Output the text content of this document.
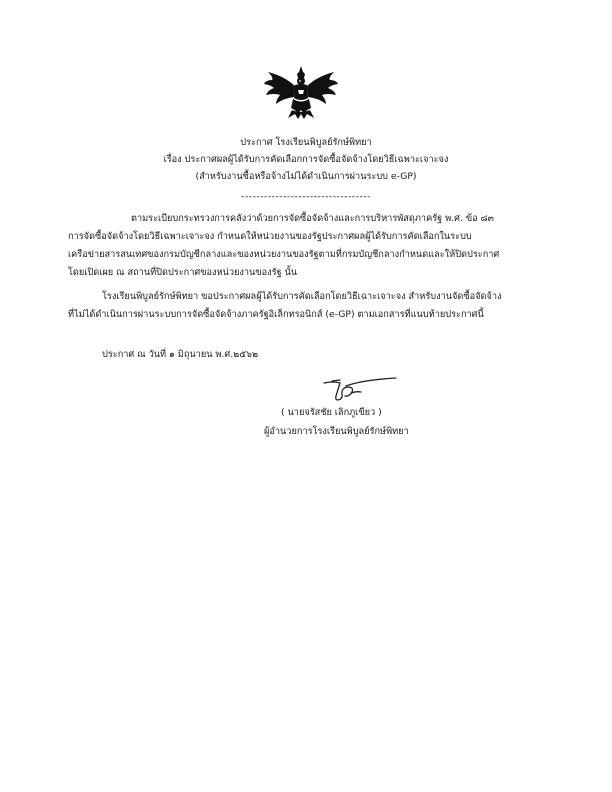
ประกาศ โรงเรียนพิบูลย์รักษ์พิทยา
เรื่อง ประกาศผลผู้ได้รับการคัดเลือกการจัดซื้อจัดจ้างโดยวิธีเฉพาะเจาะจง
(สำหรับงานซื้อหรือจ้างไม่ได้ดำเนินการผ่านระบบ e-GP)
----------------------------------
ตามระเบียบกระทรวงการคลังว่าด้วยการจัดซื้อจัดจ้างและการบริหารพัสดุภาครัฐ พ.ศ. ข้อ ๘๓
การจัดซื้อจัดจ้างโดยวิธีเฉพาะเจาะจง กำหนดให้หน่วยงานของรัฐประกาศผลผู้ได้รับการคัดเลือกในระบบ
เครือข่ายสารสนเทศของกรมบัญชีกลางและของหน่วยงานของรัฐตามที่กรมบัญชีกลางกำหนดและให้ปิดประกาศ
โดยเปิดเผย ณ สถานที่ปิดประกาศของหน่วยงานของรัฐ นั้น
โรงเรียนพิบูลย์รักษ์พิทยา ขอประกาศผลผู้ได้รับการคัดเลือกโดยวิธีเฉาะเจาะจง สำหรับงานจัดซื้อจัดจ้าง
ที่ไม่ได้ดำเนินการผ่านระบบการจัดซื้อจัดจ้างภาครัฐอิเล็กทรอนิกส์ (e-GP) ตามเอกสารที่แนบท้ายประกาศนี้
ประกาศ ณ วันที่ ๑ มิถุนายน พ.ศ.๒๕๖๒
( นายจรัสชัย เลิกภูเขียว )
ผู้อำนวยการโรงเรียนพิบูลย์รักษ์พิทยา
